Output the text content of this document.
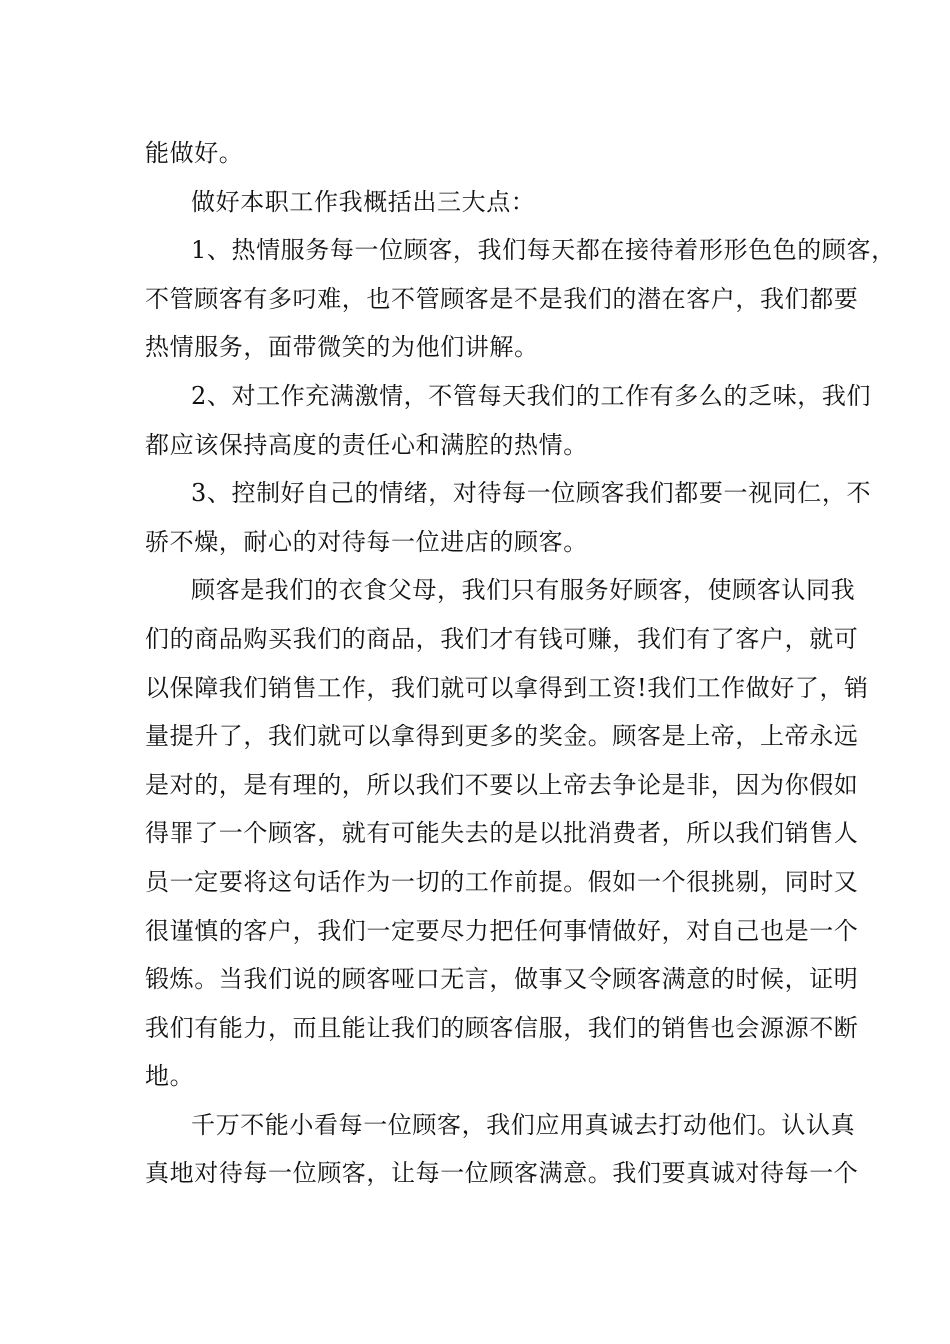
能做好。
做好本职工作我概括出三大点：
1、热情服务每一位顾客，我们每天都在接待着形形色色的顾客，
不管顾客有多叼难，也不管顾客是不是我们的潜在客户，我们都要
热情服务，面带微笑的为他们讲解。
2、对工作充满激情，不管每天我们的工作有多么的乏味，我们
都应该保持高度的责任心和满腔的热情。
3、控制好自己的情绪，对待每一位顾客我们都要一视同仁，不
骄不燥，耐心的对待每一位进店的顾客。
顾客是我们的衣食父母，我们只有服务好顾客，使顾客认同我
们的商品购买我们的商品，我们才有钱可赚，我们有了客户，就可
以保障我们销售工作，我们就可以拿得到工资!我们工作做好了，销
量提升了，我们就可以拿得到更多的奖金。顾客是上帝，上帝永远
是对的，是有理的，所以我们不要以上帝去争论是非，因为你假如
得罪了一个顾客，就有可能失去的是以批消费者，所以我们销售人
员一定要将这句话作为一切的工作前提。假如一个很挑剔，同时又
很谨慎的客户，我们一定要尽力把任何事情做好，对自己也是一个
锻炼。当我们说的顾客哑口无言，做事又令顾客满意的时候，证明
我们有能力，而且能让我们的顾客信服，我们的销售也会源源不断
地。
千万不能小看每一位顾客，我们应用真诚去打动他们。认认真
真地对待每一位顾客，让每一位顾客满意。我们要真诚对待每一个
